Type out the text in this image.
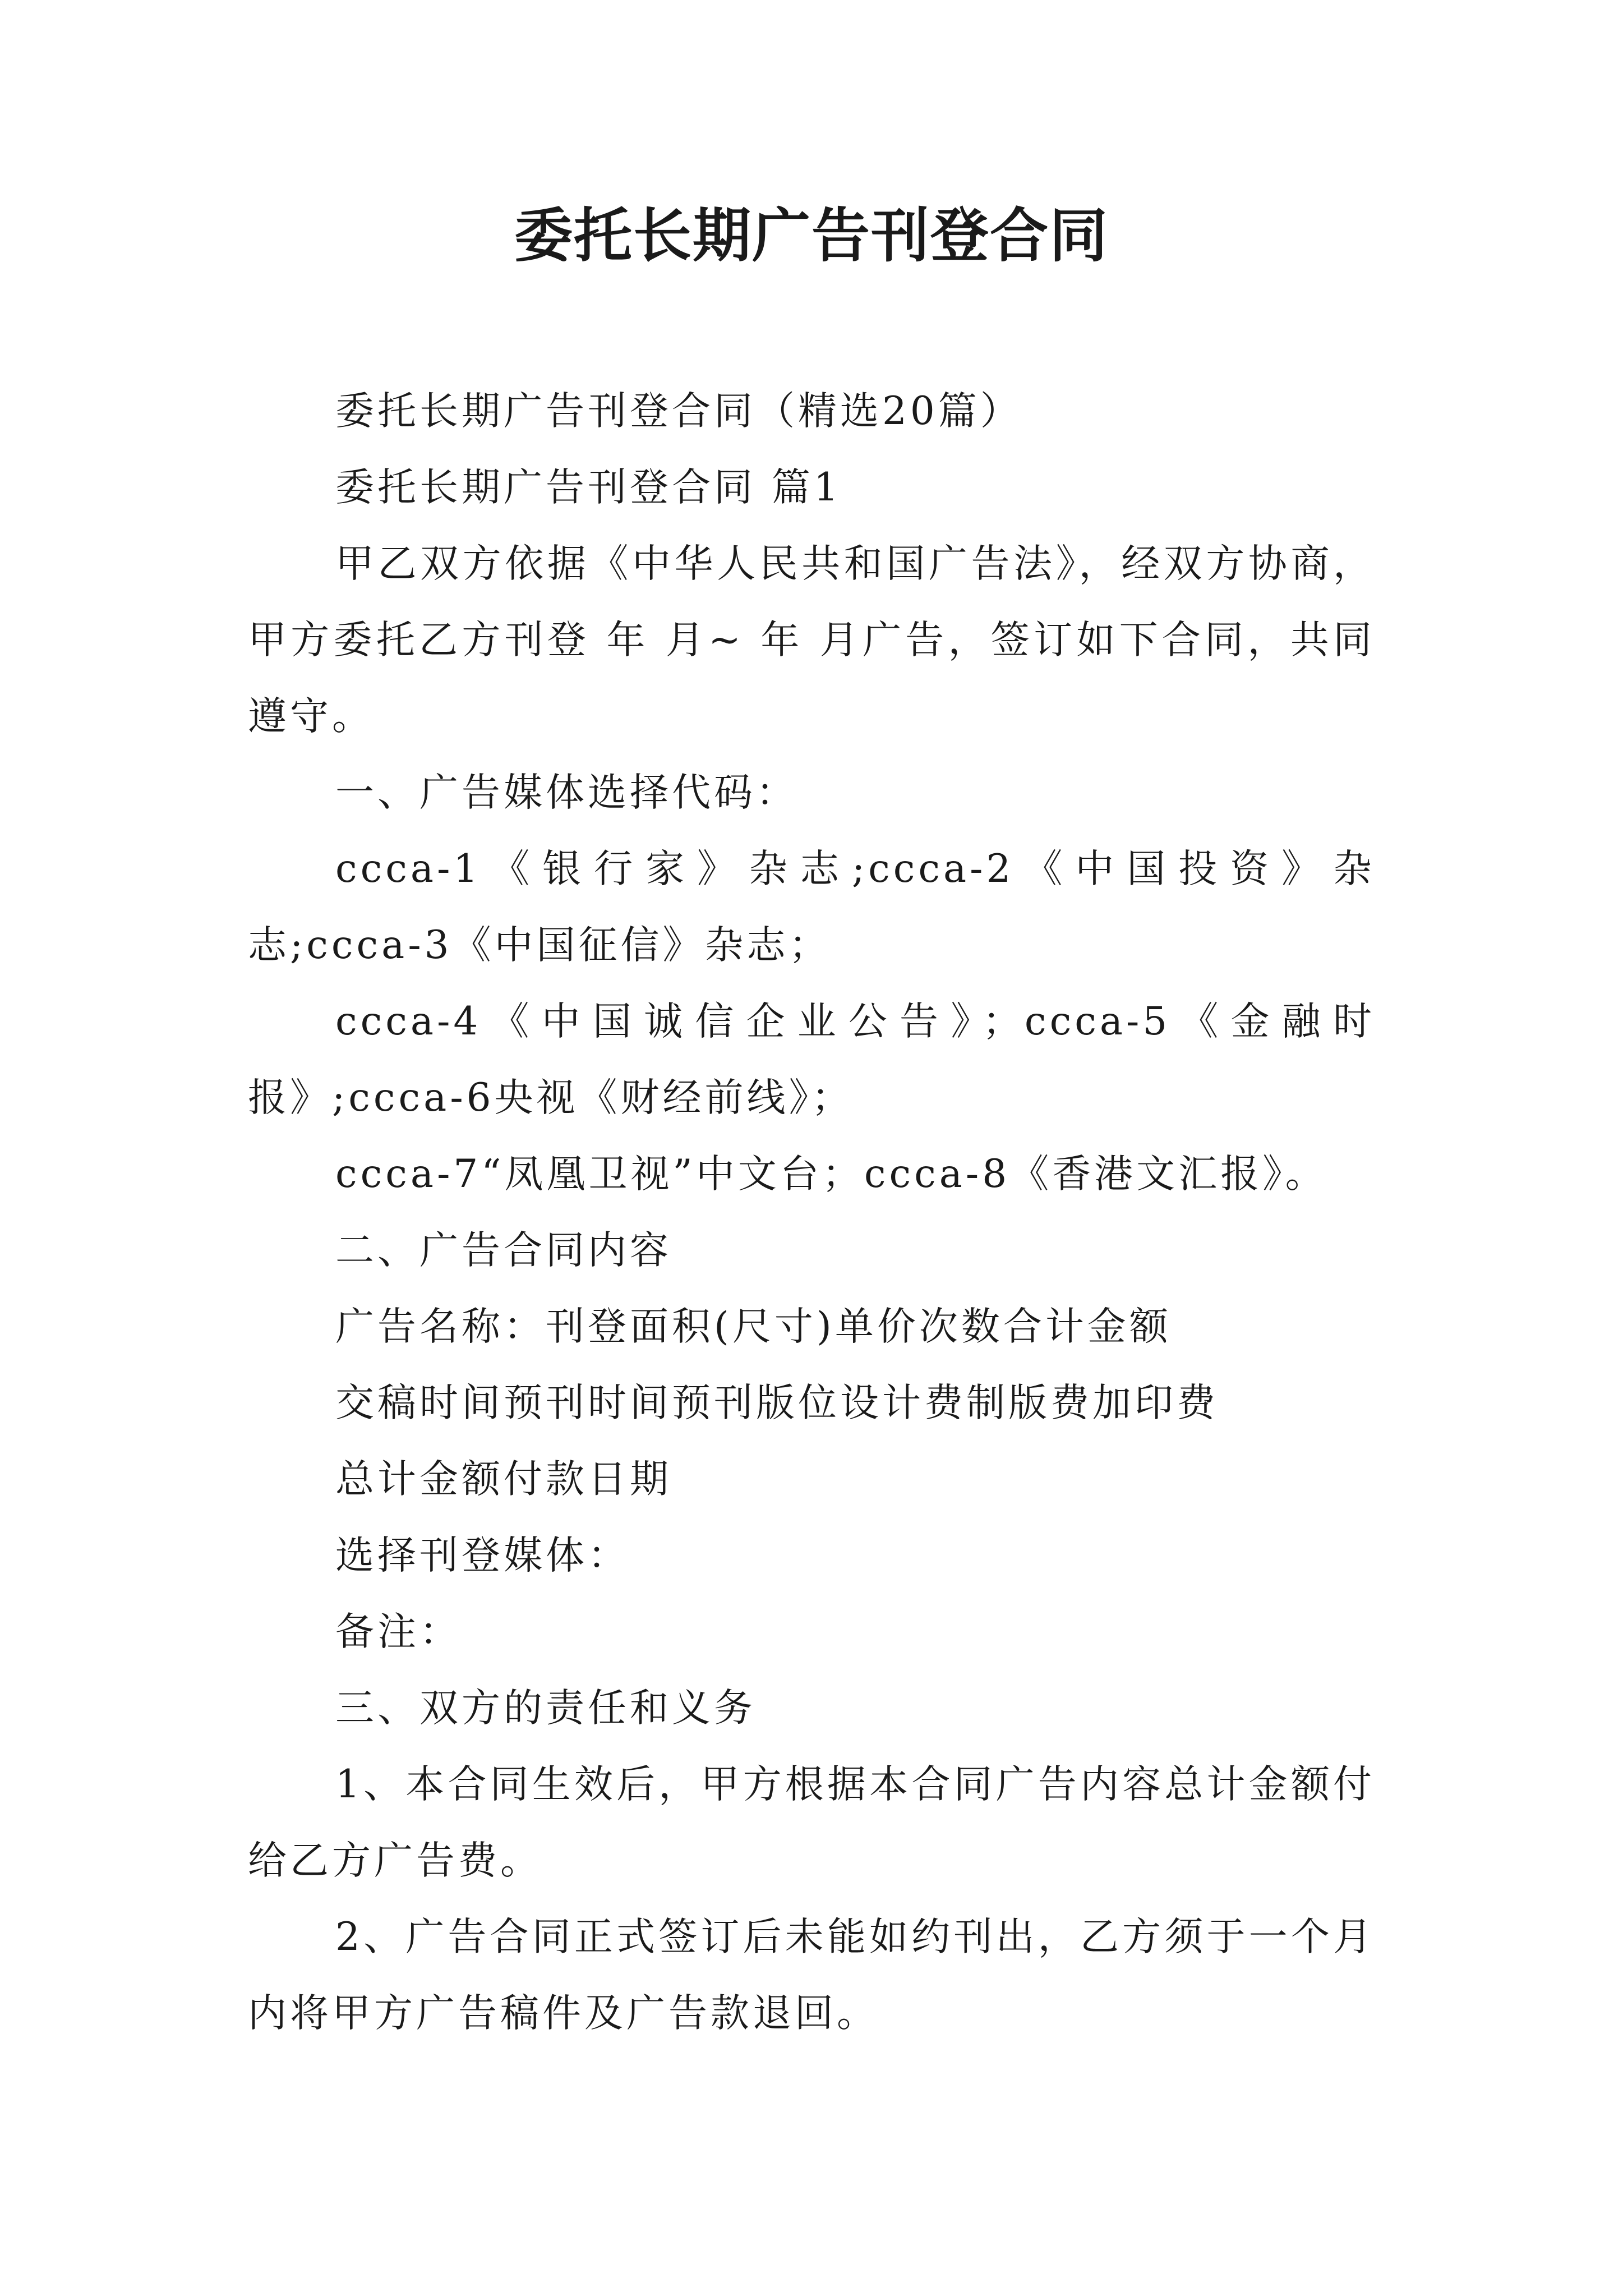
委托长期广告刊登合同

委托长期广告刊登合同（精选20篇）

委托长期广告刊登合同 篇1

甲乙双方依据《中华人民共和国广告法》，经双方协商，甲方委托乙方刊登 年 月~ 年 月广告，签订如下合同，共同遵守。

一、广告媒体选择代码：

ccca-1《银行家》杂志;ccca-2《中国投资》杂志;ccca-3《中国征信》杂志；

ccca-4《中国诚信企业公告》；ccca-5《金融时报》;ccca-6央视《财经前线》；

ccca-7“凤凰卫视”中文台；ccca-8《香港文汇报》。

二、广告合同内容

广告名称：刊登面积(尺寸)单价次数合计金额

交稿时间预刊时间预刊版位设计费制版费加印费

总计金额付款日期

选择刊登媒体：

备注：

三、双方的责任和义务

1、本合同生效后，甲方根据本合同广告内容总计金额付给乙方广告费。

2、广告合同正式签订后未能如约刊出，乙方须于一个月内将甲方广告稿件及广告款退回。
